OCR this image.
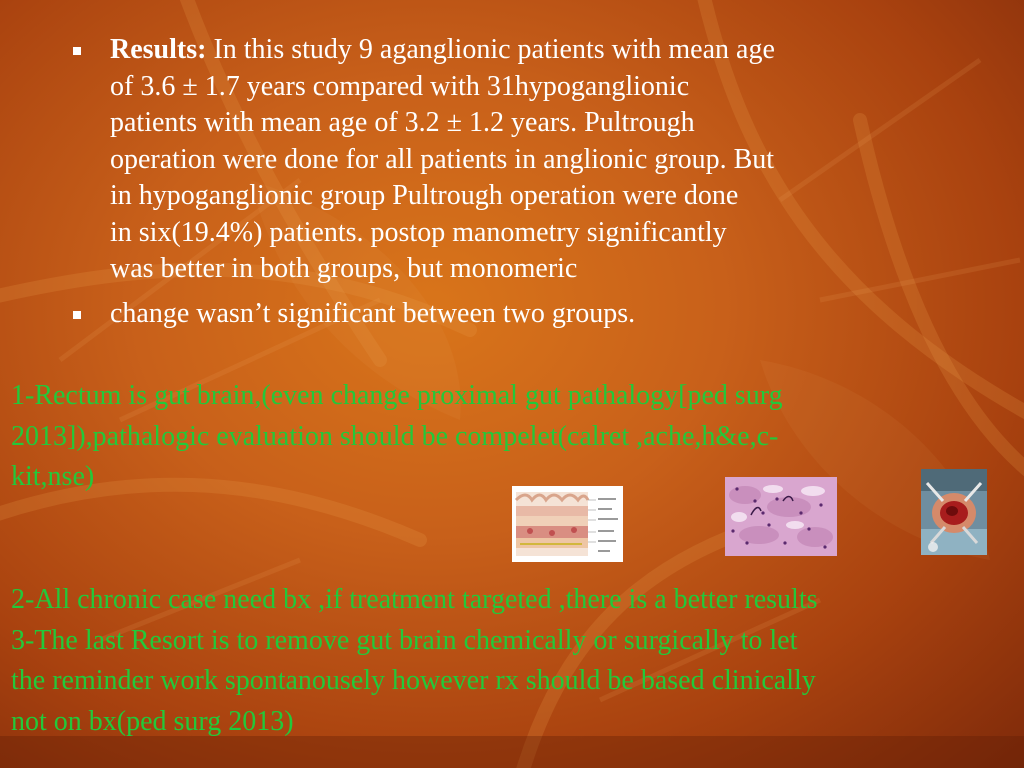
Results: In this study 9 aganglionic patients with mean age
of 3.6 ± 1.7 years compared with 31hypoganglionic
patients with mean age of 3.2 ± 1.2 years. Pultrough
operation were done for all patients in anglionic group. But
in hypoganglionic group Pultrough operation were done
in six(19.4%) patients. postop manometry significantly
was better in both groups, but monomeric
change wasn’t significant between two groups.
1-Rectum is gut brain,(even change proximal gut pathalogy[ped surg
2013]),pathalogic evaluation should be compelet(calret ,ache,h&e,c-
kit,nse)
2-All chronic case need bx ,if treatment targeted ,there is a better results
3-The last Resort is to remove gut brain chemically or surgically to let
the reminder work spontanousely however rx should be based clinically
not on bx(ped surg 2013)
